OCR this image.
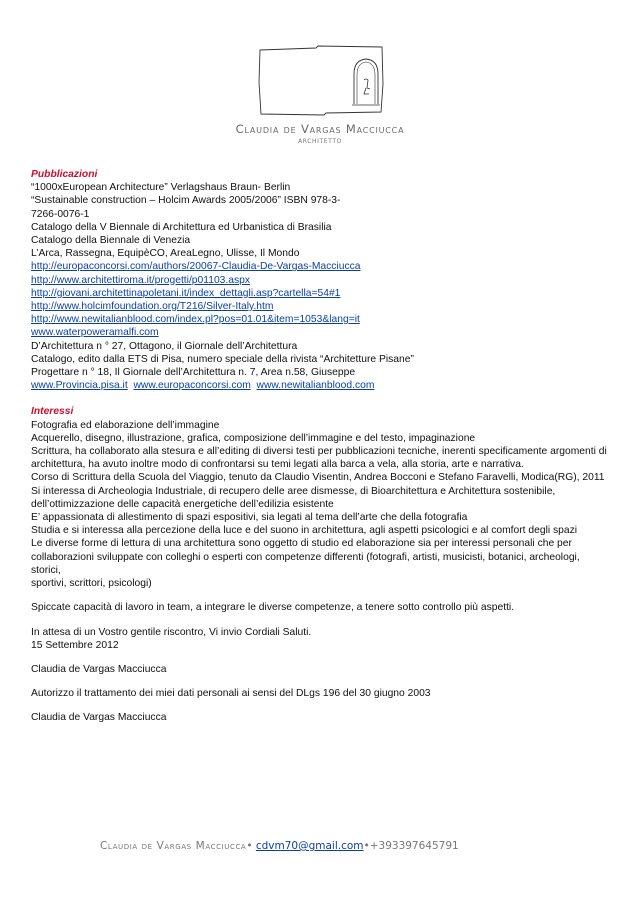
Claudia de Vargas Macciucca
architetto
Pubblicazioni
“1000xEuropean Architecture” Verlagshaus Braun- Berlin
“Sustainable construction – Holcim Awards 2005/2006” ISBN 978-3-
7266-0076-1
Catalogo della V Biennale di Architettura ed Urbanistica di Brasilia
Catalogo della Biennale di Venezia
L’Arca, Rassegna, EquipèCO, AreaLegno, Ulisse, Il Mondo
http://europaconcorsi.com/authors/20067-Claudia-De-Vargas-Macciucca
http://www.architettiroma.it/progetti/p01103.aspx
http://giovani.architettinapoletani.it/index_dettagli.asp?cartella=54#1
http://www.holcimfoundation.org/T216/Silver-Italy.htm
http://www.newitalianblood.com/index.pl?pos=01.01&item=1053&lang=it
www.waterpoweramalfi.com
D’Architettura n ° 27, Ottagono, il Giornale dell’Architettura
Catalogo, edito dalla ETS di Pisa, numero speciale della rivista “Architetture Pisane”
Progettare n ° 18, Il Giornale dell’Architettura n. 7, Area n.58, Giuseppe
www.Provincia.pisa.it www.europaconcorsi.com www.newitalianblood.com
Interessi
Fotografia ed elaborazione dell’immagine
Acquerello, disegno, illustrazione, grafica, composizione dell’immagine e del testo, impaginazione
Scrittura, ha collaborato alla stesura e all’editing di diversi testi per pubblicazioni tecniche, inerenti specificamente argomenti di
architettura, ha avuto inoltre modo di confrontarsi su temi legati alla barca a vela, alla storia, arte e narrativa.
Corso di Scrittura della Scuola del Viaggio, tenuto da Claudio Visentin, Andrea Bocconi e Stefano Faravelli, Modica(RG), 2011
Si interessa di Archeologia Industriale, di recupero delle aree dismesse, di Bioarchitettura e Architettura sostenibile,
dell’ottimizzazione delle capacità energetiche dell’edilizia esistente
E’ appassionata di allestimento di spazi espositivi, sia legati al tema dell’arte che della fotografia
Studia e si interessa alla percezione della luce e del suono in architettura, agli aspetti psicologici e al comfort degli spazi
Le diverse forme di lettura di una architettura sono oggetto di studio ed elaborazione sia per interessi personali che per
collaborazioni sviluppate con colleghi o esperti con competenze differenti (fotografi, artisti, musicisti, botanici, archeologi, storici,
sportivi, scrittori, psicologi)
Spiccate capacità di lavoro in team, a integrare le diverse competenze, a tenere sotto controllo più aspetti.
In attesa di un Vostro gentile riscontro, Vi invio Cordiali Saluti.
15 Settembre 2012
Claudia de Vargas Macciucca
Autorizzo il trattamento dei miei dati personali ai sensi del DLgs 196 del 30 giugno 2003
Claudia de Vargas Macciucca
Claudia de Vargas Macciucca• cdvm70@gmail.com•+393397645791
